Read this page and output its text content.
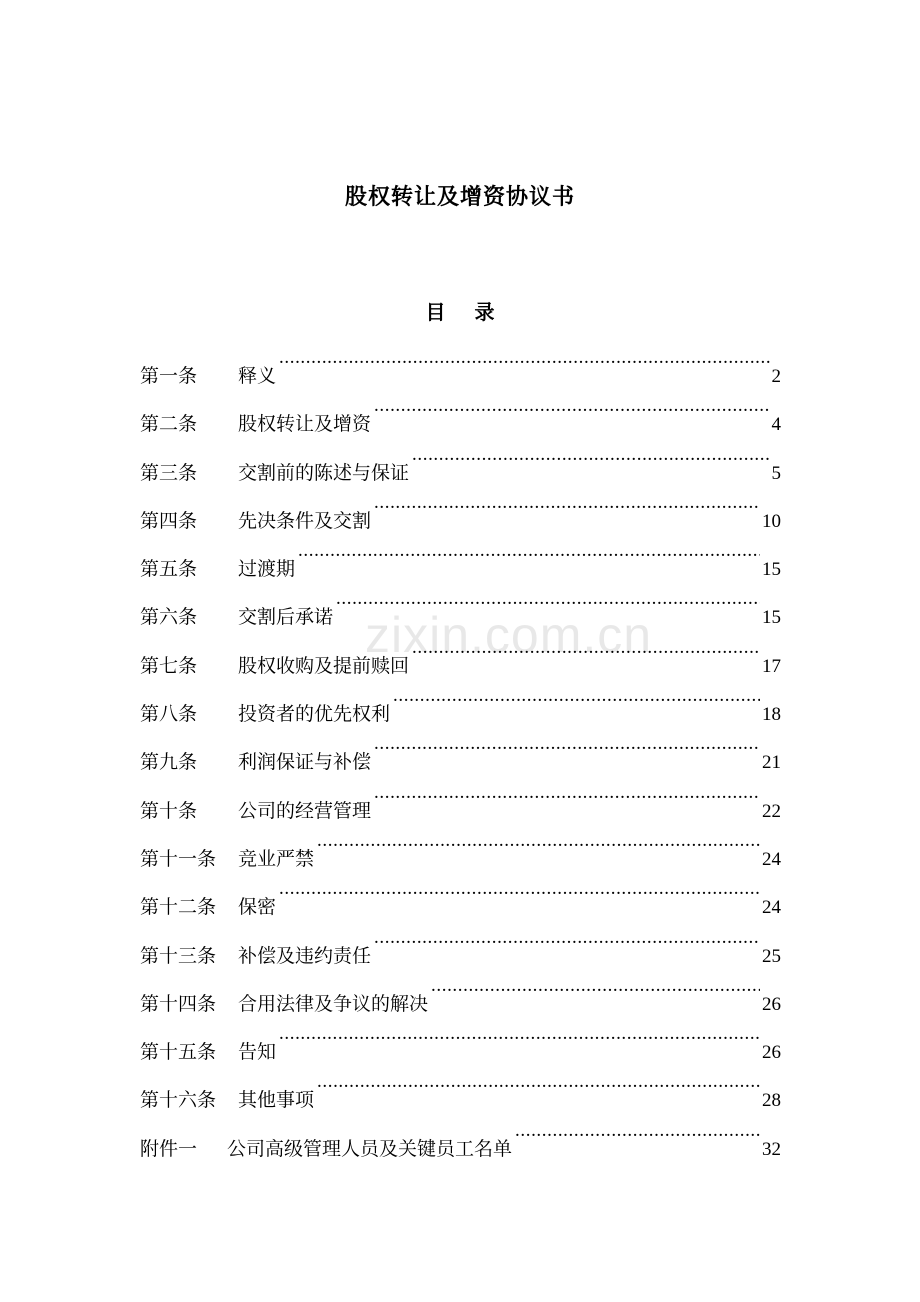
股权转让及增资协议书
目 录
第一条	释义 .....	2
第二条	股权转让及增资 .....	4
第三条	交割前的陈述与保证 .....	5
第四条	先决条件及交割 .....	10
第五条	过渡期 .....	15
第六条	交割后承诺 .....	15
第七条	股权收购及提前赎回 .....	17
第八条	投资者的优先权利 .....	18
第九条	利润保证与补偿 .....	21
第十条	公司的经营管理 .....	22
第十一条	竞业严禁 .....	24
第十二条	保密 .....	24
第十三条	补偿及违约责任 .....	25
第十四条	合用法律及争议的解决 .....	26
第十五条	告知 .....	26
第十六条	其他事项 .....	28
附件一	公司高级管理人员及关键员工名单 .....	32
zixin.com.cn
